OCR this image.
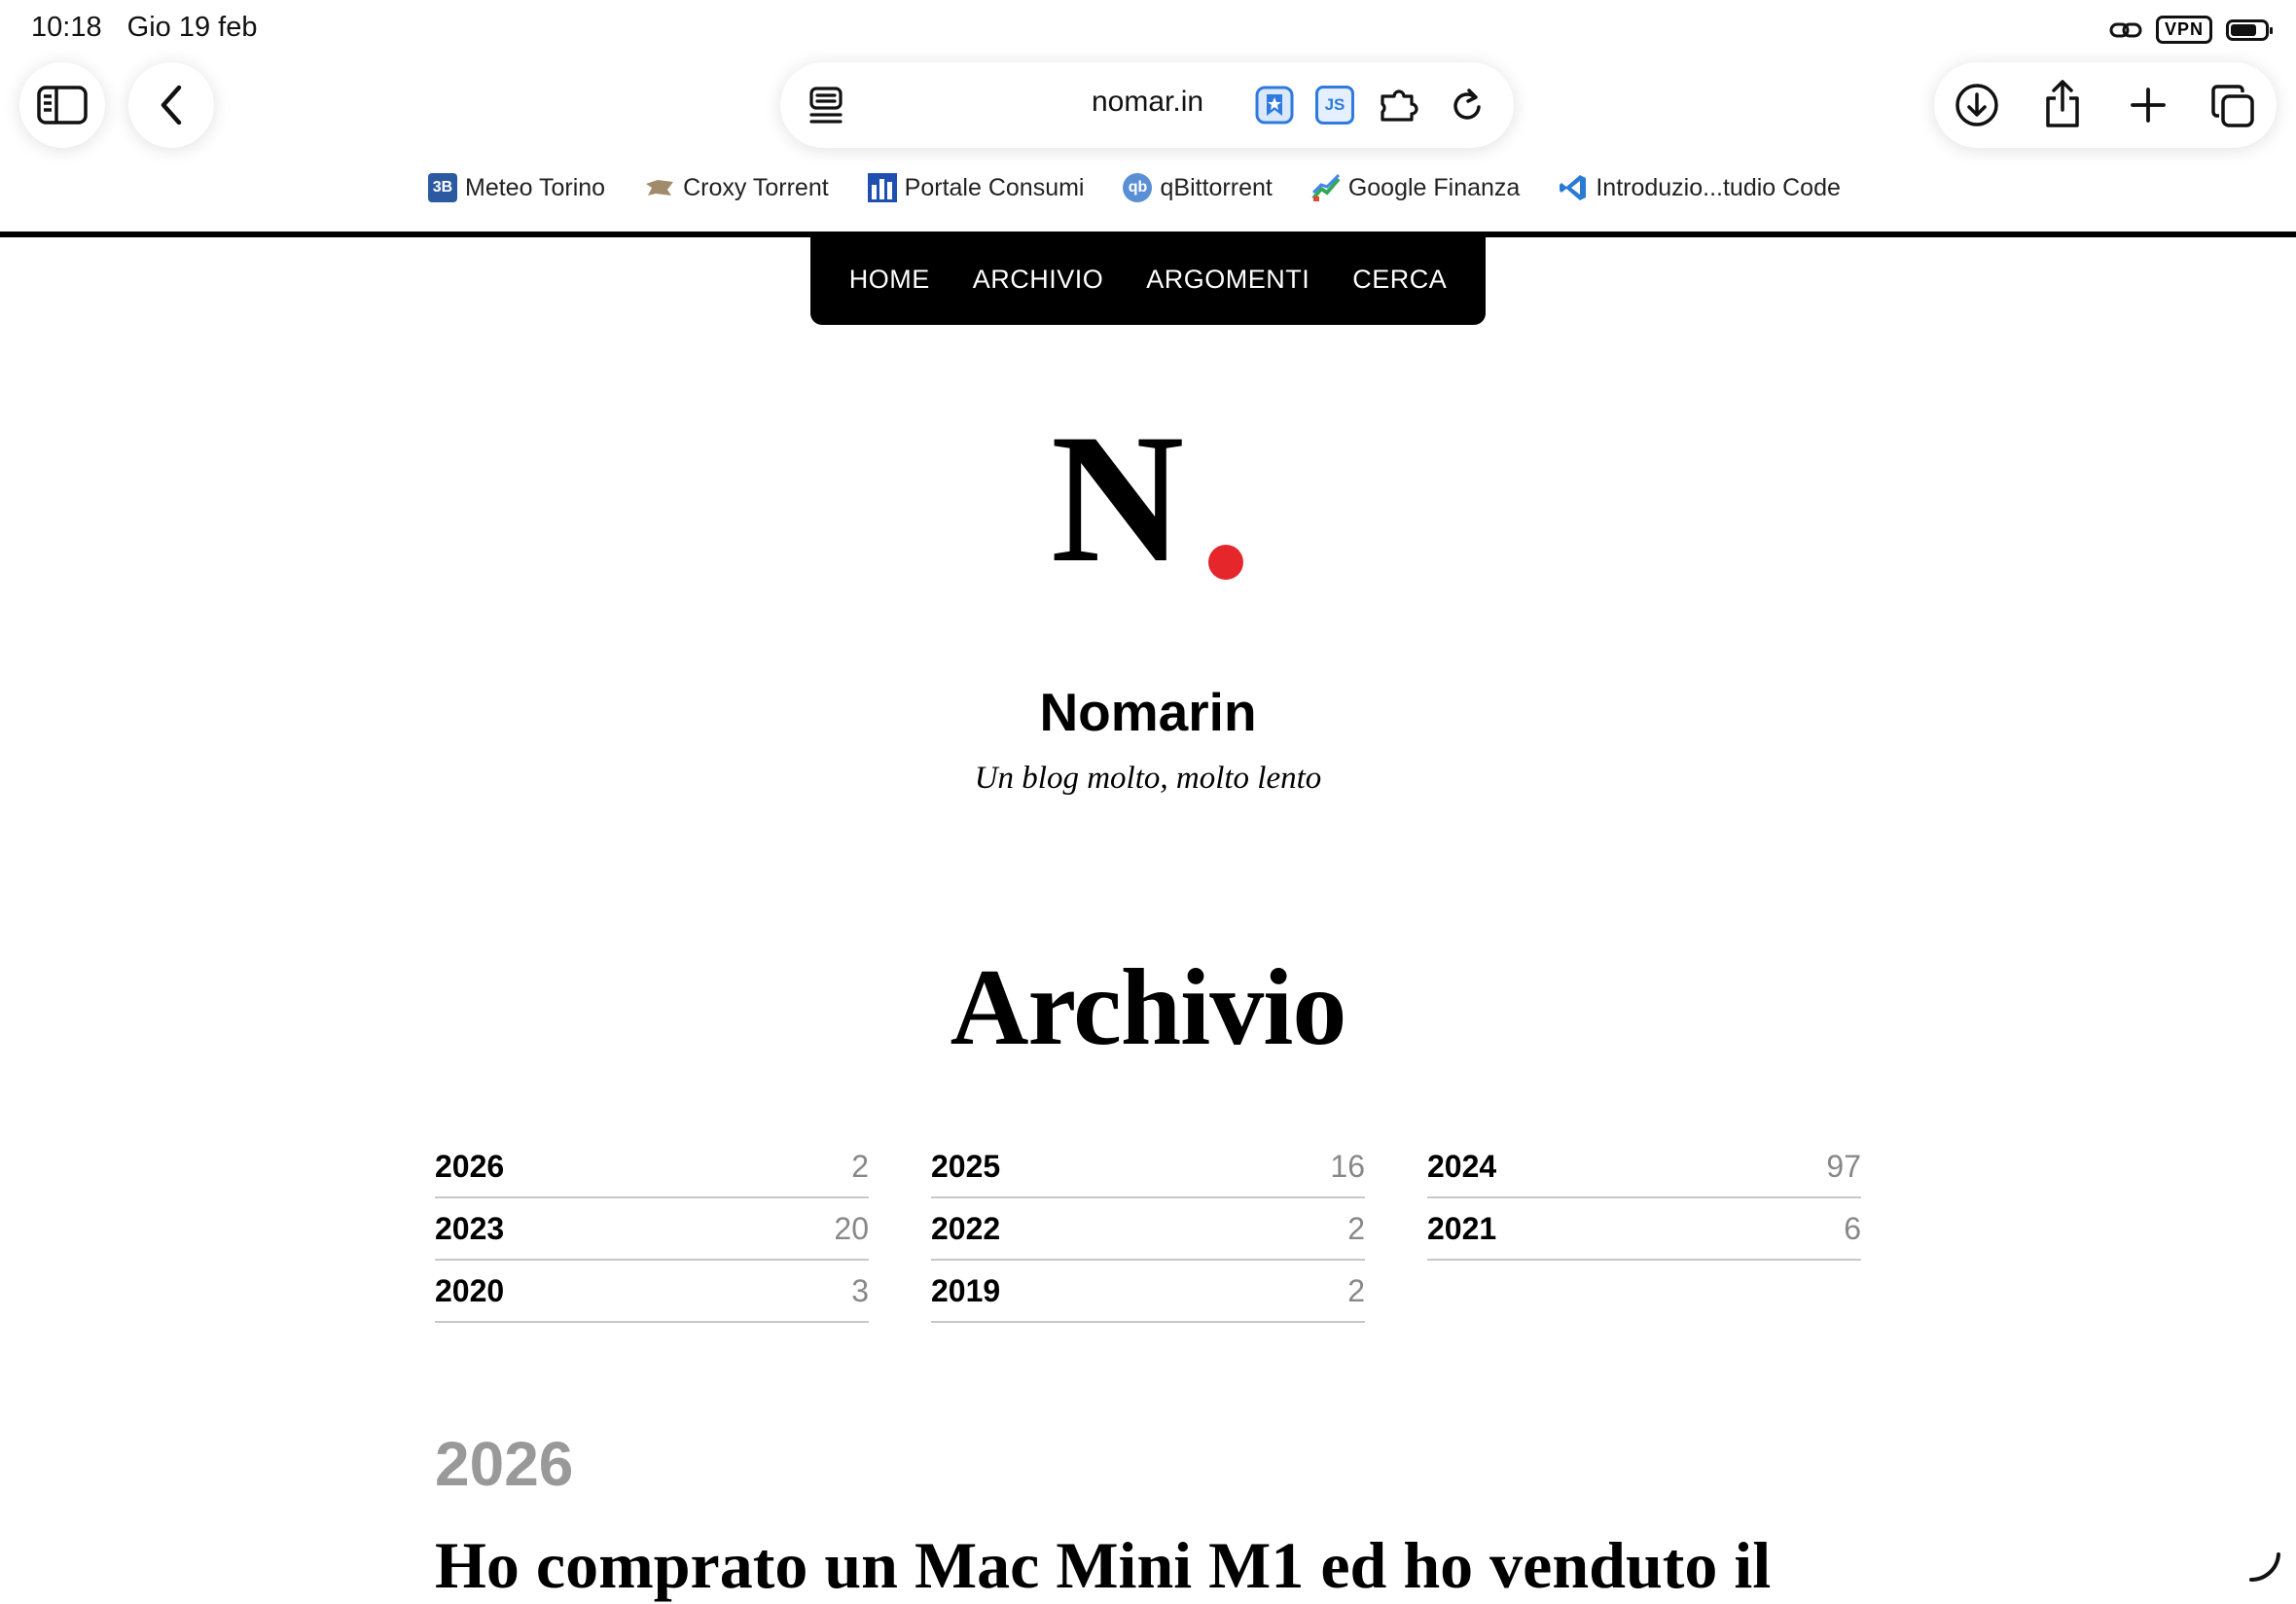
10:18 Gio 19 feb	VPN
nomar.in	JS
3B Meteo Torino	Croxy Torrent	Portale Consumi	qb qBittorrent	Google Finanza	Introduzio...tudio Code
HOME ARCHIVIO ARGOMENTI CERCA
N
Nomarin
Un blog molto, molto lento
Archivio
2026	2 2025	16 2024	97
2023	20 2022	2 2021	6
2020	3 2019	2
2026
Ho comprato un Mac Mini M1 ed ho venduto il
